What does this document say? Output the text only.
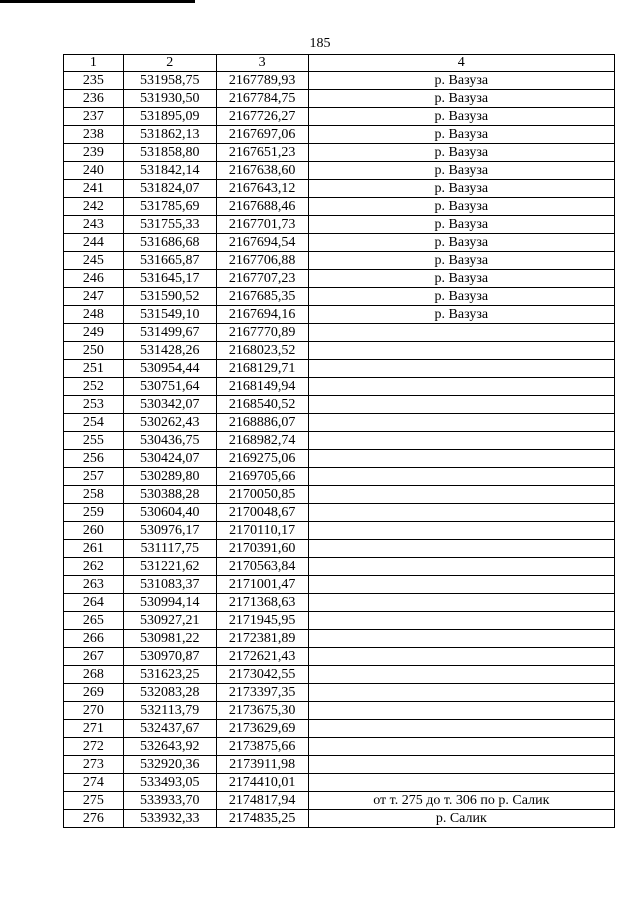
185
1	2	3	4
235	531958,75	2167789,93	р. Вазуза
236	531930,50	2167784,75	р. Вазуза
237	531895,09	2167726,27	р. Вазуза
238	531862,13	2167697,06	р. Вазуза
239	531858,80	2167651,23	р. Вазуза
240	531842,14	2167638,60	р. Вазуза
241	531824,07	2167643,12	р. Вазуза
242	531785,69	2167688,46	р. Вазуза
243	531755,33	2167701,73	р. Вазуза
244	531686,68	2167694,54	р. Вазуза
245	531665,87	2167706,88	р. Вазуза
246	531645,17	2167707,23	р. Вазуза
247	531590,52	2167685,35	р. Вазуза
248	531549,10	2167694,16	р. Вазуза
249	531499,67	2167770,89	
250	531428,26	2168023,52	
251	530954,44	2168129,71	
252	530751,64	2168149,94	
253	530342,07	2168540,52	
254	530262,43	2168886,07	
255	530436,75	2168982,74	
256	530424,07	2169275,06	
257	530289,80	2169705,66	
258	530388,28	2170050,85	
259	530604,40	2170048,67	
260	530976,17	2170110,17	
261	531117,75	2170391,60	
262	531221,62	2170563,84	
263	531083,37	2171001,47	
264	530994,14	2171368,63	
265	530927,21	2171945,95	
266	530981,22	2172381,89	
267	530970,87	2172621,43	
268	531623,25	2173042,55	
269	532083,28	2173397,35	
270	532113,79	2173675,30	
271	532437,67	2173629,69	
272	532643,92	2173875,66	
273	532920,36	2173911,98	
274	533493,05	2174410,01	
275	533933,70	2174817,94	от т. 275 до т. 306 по р. Салик
276	533932,33	2174835,25	р. Салик
